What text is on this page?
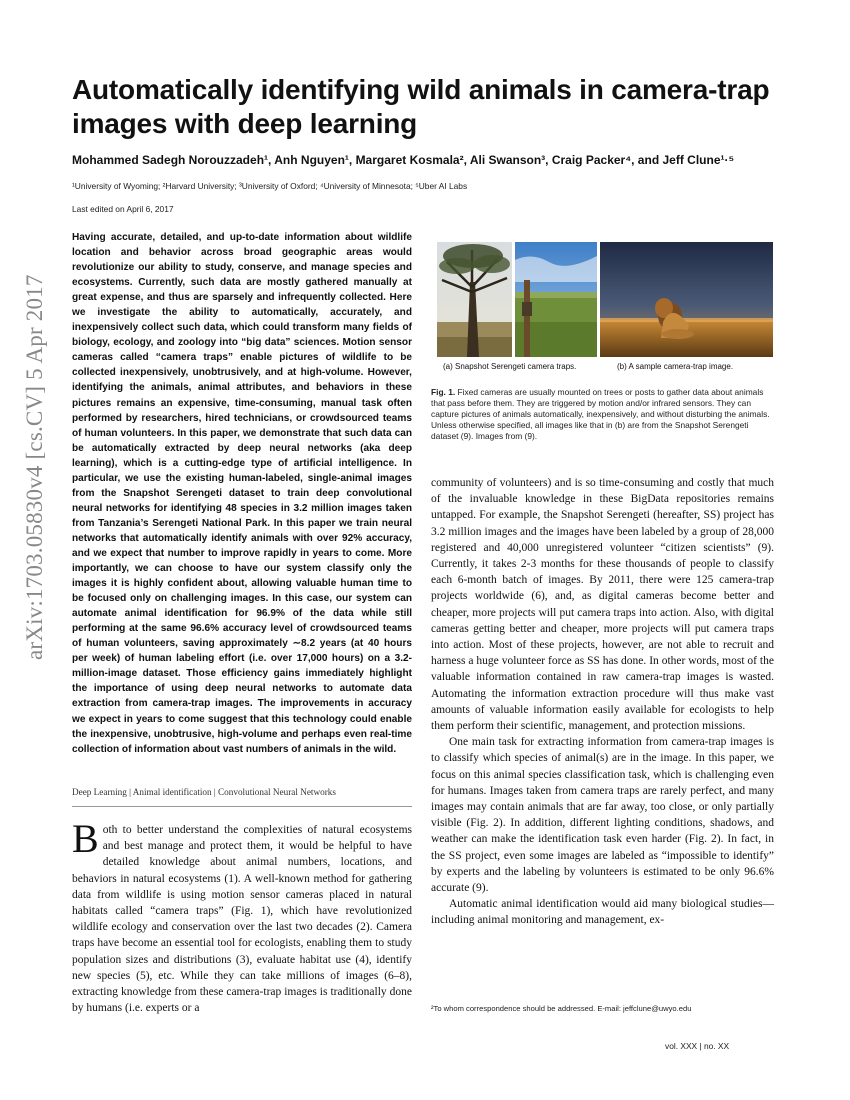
arXiv:1703.05830v4 [cs.CV] 5 Apr 2017
Automatically identifying wild animals in camera-trap images with deep learning
Mohammed Sadegh Norouzzadeh¹, Anh Nguyen¹, Margaret Kosmala², Ali Swanson³, Craig Packer⁴, and Jeff Clune¹·⁵
¹University of Wyoming; ²Harvard University; ³University of Oxford; ⁴University of Minnesota; ⁵Uber AI Labs
Last edited on April 6, 2017
Having accurate, detailed, and up-to-date information about wildlife location and behavior across broad geographic areas would revolutionize our ability to study, conserve, and manage species and ecosystems. Currently, such data are mostly gathered manually at great expense, and thus are sparsely and infrequently collected. Here we investigate the ability to automatically, accurately, and inexpensively collect such data, which could transform many fields of biology, ecology, and zoology into “big data” sciences. Motion sensor cameras called “camera traps” enable pictures of wildlife to be collected inexpensively, unobtrusively, and at high-volume. However, identifying the animals, animal attributes, and behaviors in these pictures remains an expensive, time-consuming, manual task often performed by researchers, hired technicians, or crowdsourced teams of human volunteers. In this paper, we demonstrate that such data can be automatically extracted by deep neural networks (aka deep learning), which is a cutting-edge type of artificial intelligence. In particular, we use the existing human-labeled, single-animal images from the Snapshot Serengeti dataset to train deep convolutional neural networks for identifying 48 species in 3.2 million images taken from Tanzania’s Serengeti National Park. In this paper we train neural networks that automatically identify animals with over 92% accuracy, and we expect that number to improve rapidly in years to come. More importantly, we can choose to have our system classify only the images it is highly confident about, allowing valuable human time to be focused only on challenging images. In this case, our system can automate animal identification for 96.9% of the data while still performing at the same 96.6% accuracy level of crowdsourced teams of human volunteers, saving approximately ∼8.2 years (at 40 hours per week) of human labeling effort (i.e. over 17,000 hours) on a 3.2-million-image dataset. Those efficiency gains immediately highlight the importance of using deep neural networks to automate data extraction from camera-trap images. The improvements in accuracy we expect in years to come suggest that this technology could enable the inexpensive, unobtrusive, high-volume and perhaps even real-time collection of information about vast numbers of animals in the wild.
Deep Learning | Animal identification | Convolutional Neural Networks
Both to better understand the complexities of natural ecosystems and best manage and protect them, it would be helpful to have detailed knowledge about animal numbers, locations, and behaviors in natural ecosystems (1). A well-known method for gathering data from wildlife is using motion sensor cameras placed in natural habitats called “camera traps” (Fig. 1), which have revolutionized wildlife ecology and conservation over the last two decades (2). Camera traps have become an essential tool for ecologists, enabling them to study population sizes and distributions (3), evaluate habitat use (4), identify new species (5), etc. While they can take millions of images (6–8), extracting knowledge from these camera-trap images is traditionally done by humans (i.e. experts or a
(a) Snapshot Serengeti camera traps.	(b) A sample camera-trap image.
Fig. 1. Fixed cameras are usually mounted on trees or posts to gather data about animals that pass before them. They are triggered by motion and/or infrared sensors. They can capture pictures of animals automatically, inexpensively, and without disturbing the animals. Unless otherwise specified, all images like that in (b) are from the Snapshot Serengeti dataset (9). Images from (9).

community of volunteers) and is so time-consuming and costly that much of the invaluable knowledge in these BigData repositories remains untapped. For example, the Snapshot Serengeti (hereafter, SS) project has 3.2 million images and the images have been labeled by a group of 28,000 registered and 40,000 unregistered volunteer “citizen scientists” (9). Currently, it takes 2-3 months for these thousands of people to classify each 6-month batch of images. By 2011, there were 125 camera-trap projects worldwide (6), and, as digital cameras become better and cheaper, more projects will put camera traps into action. Also, with digital cameras getting better and cheaper, more projects will put camera traps into action. Most of these projects, however, are not able to recruit and harness a huge volunteer force as SS has done. In other words, most of the valuable information contained in raw camera-trap images is wasted. Automating the information extraction procedure will thus make vast amounts of valuable information easily available for ecologists to help them perform their scientific, management, and protection missions.

One main task for extracting information from camera-trap images is to classify which species of animal(s) are in the image. In this paper, we focus on this animal species classification task, which is challenging even for humans. Images taken from camera traps are rarely perfect, and many images may contain animals that are far away, too close, or only partially visible (Fig. 2). In addition, different lighting conditions, shadows, and weather can make the identification task even harder (Fig. 2). In fact, in the SS project, even some images are labeled as “impossible to identify” by experts and the labeling by volunteers is estimated to be only 96.6% accurate (9).

Automatic animal identification would aid many biological studies—including animal monitoring and management, ex-

²To whom correspondence should be addressed. E-mail: jeffclune@uwyo.edu
vol. XXX | no. XX
